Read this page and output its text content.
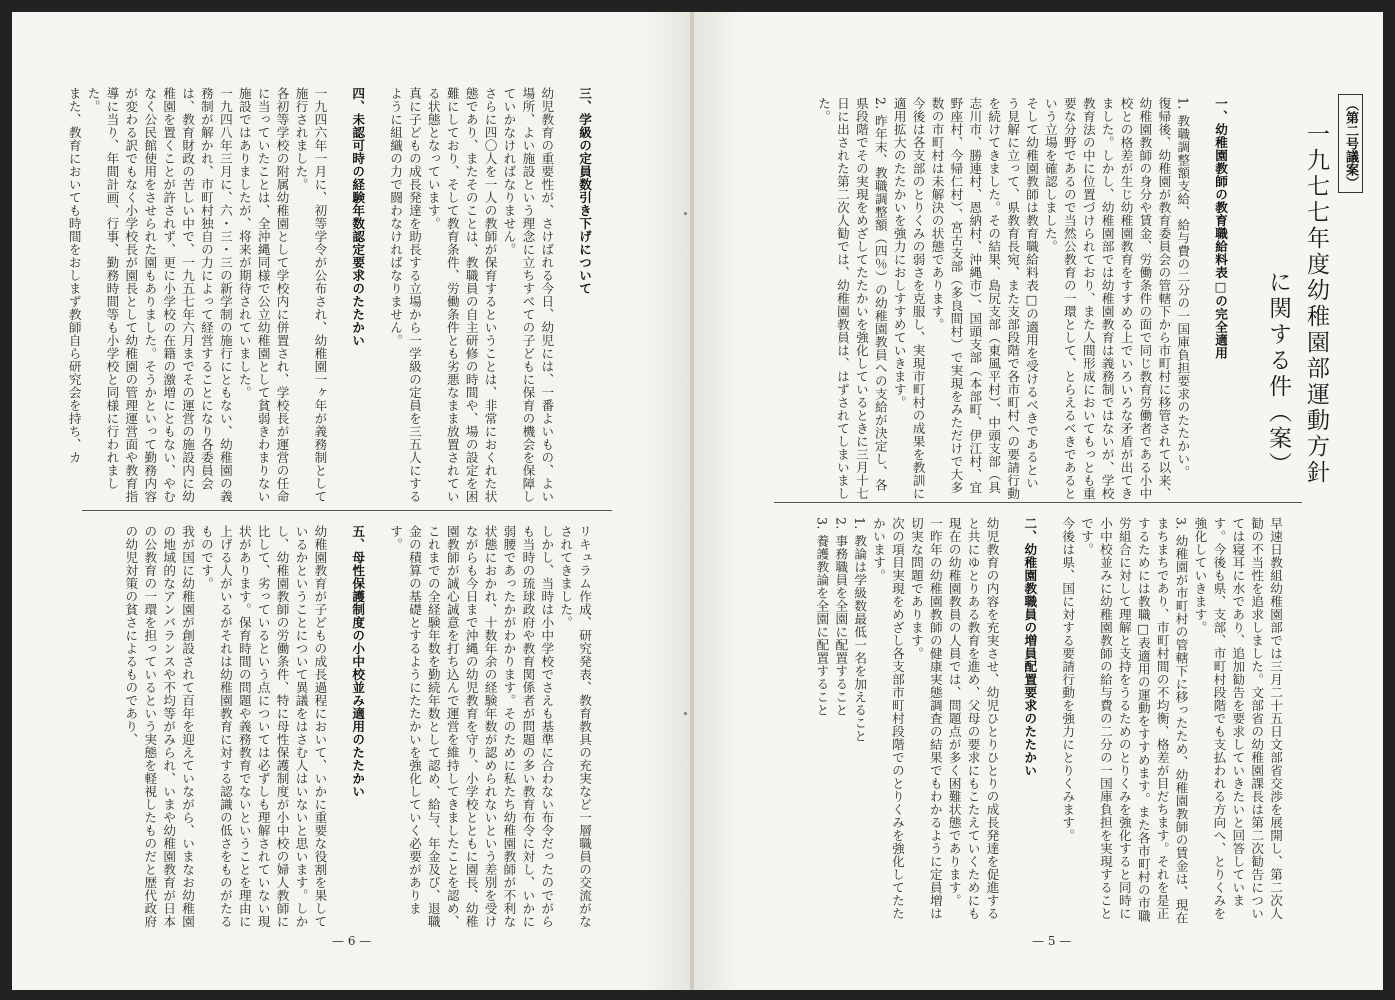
三、学級の定員数引き下げについて

幼児教育の重要性が、さけばれる今日、幼児には、一番よいもの、よい場所、よい施設という理念に立ちすべての子どもに保育の機会を保障していかなければなりません。
さらに四〇人を一人の教師が保育するということは、非常におくれた状態であり、またそのことは、教職員の自主研修の時間や、場の設定を困難にしており、そして教育条件、労働条件とも劣悪なまま放置されている状態となっています。
真に子どもの成長発達を助長する立場から一学級の定員を三五人にするように組織の力で闘わなければなりません。

四、未認可時の経験年数認定要求のたたかい

一九四六年一月に、初等学令が公布され、幼稚園一ヶ年が義務制として施行されました。
各初等学校の附属幼稚園として学校内に併置され、学校長が運営の任命に当っていたことは、全沖縄同様で公立幼稚園として貧弱きわまりない施設ではありましたが、将来が期待されていました。
一九四八年三月に、六・三・三の新学制の施行にともない、幼稚園の義務制が解かれ、市町村独自の力によって経営することになり各委員会は、教育財政の苦しい中で、一九五七年六月までその運営の施設内に幼稚園を置くことが許されず、更に小学校の在籍の激増にともない、やむなく公民館使用をさせられた園もありました。そうかといって勤務内容が変わる訳でもなく小学校長が園長として幼稚園の管理運営面や教育指導に当り、年間計画、行事、勤務時間等も小学校と同様に行われました。
また、教育においても時間をおしまず教師自ら研究会を持ち、カ

リキュラム作成、研究発表、教育教具の充実など一層職員の交流がなされてきました。
しかし、当時は小中学校でさえも基準に合わない布令だったのでがらも当時の琉球政府や教育関係者が問題の多い教育布令に対し、いかに弱腰であったかがわかります。そのために私たち幼稚園教師が不利な状態におかれ、十数年余の経験年数が認められないという差別を受けながらも今日まで沖縄の幼児教育を守り、小学校とともに園長、幼稚園教師が誠心誠意を打ち込んで運営を維持してきましたことを認め、これまでの全経験年数を勤続年数として認め、給与、年金及び、退職金の積算の基礎とするようにたたかいを強化していく必要があります。

五、母性保護制度の小中校並み適用のたたかい

幼稚園教育が子どもの成長過程において、いかに重要な役割を果しているかということについて異議をはさむ人はいないと思います。しかし、幼稚園教師の労働条件、特に母性保護制度が小中校の婦人教師に比して、劣っているという点については必ずしも理解されていない現状があります。保育時間の問題や義務教育でないということを理由に上げる人がいるがそれは幼稚園教育に対する認識の低さをものがたるものです。
我が国に幼稚園が創設されて百年を迎えていながら、いまなお幼稚園の地域的なアンバランスや不均等がみられ、いまや幼稚園教育が日本の公教育の一環を担っているという実態を軽視したものだと歴代政府の幼児対策の貧さによるものであり、

— 6 —
（第二号議案）
一九七七年度幼稚園部運動方針
に関する件（案）

一、幼稚園教師の教育職給料表□の完全適用

1. 教職調整額支給、給与費の二分の一国庫負担要求のたたかい。
復帰後、幼稚園が教育委員会の管轄下から市町村に移管されて以来、幼稚園教師の身分や賃金、労働条件の面で同じ教育労働者である小中校との格差が生じ幼稚園教育をすすめる上でいろいろな矛盾が出てきました。しかし、幼稚園部では幼稚園教育は義務制ではないが、学校教育法の中に位置づけられており、また人間形成においてもっとも重要な分野であるので当然公教育の一環として、とらえるべきであるという立場を確認しました。
そして幼稚園教師は教育職給料表□の適用を受けるべきであるという見解に立って、県教育長宛、また支部段階で各市町村への要請行動を続けてきました。その結果、島尻支部（東風平村）、中頭支部（具志川市、勝連村、恩納村、沖縄市）、国頭支部（本部町、伊江村、宜野座村、今帰仁村）、宮古支部（多良間村）で実現をみただけで大多数の市町村は未解決の状態であります。
今後は各支部のとりくみの弱さを克服し、実現市町村の成果を教訓に適用拡大のたたかいを強力におしすすめていきます。
2. 昨年末、教職調整額（四％）の幼稚園教員への支給が決定し、各県段階でその実現をめざしてたたかいを強化しているときに三月十七日に出された第二次人勧では、幼稚園教員は、はずされてしまいました。

早速日教組幼稚園部では三月二十五日文部省交渉を展開し、第二次人勧の不当性を追求しました。文部省の幼稚園課長は第二次勧告については寝耳に水であり、追加勧告を要求していきたいと回答しています。今後も県、支部、市町村段階でも支払われる方向へ、とりくみを強化していきます。
3. 幼稚園が市町村の管轄下に移ったため、幼稚園教師の賃金は、現在まちまちであり、市町村間の不均衡、格差が目だちます。それを是正するためには教職□表適用の運動をすすめます。また各市町村の市職労組合に対して理解と支持をうるためのとりくみを強化すると同時に小中校並みに幼稚園教師の給与費の二分の一国庫負担を実現することです。
今後は県、国に対する要請行動を強力にとりくみます。

二、幼稚園教職員の増員配置要求のたたかい

幼児教育の内容を充実させ、幼児ひとりひとりの成長発達を促進すると共にゆとりある教育を進め、父母の要求にもこたえていくためにも現在の幼稚園教員の人員では、問題点が多く困難状態であります。
一昨年の幼稚園教師の健康実態調査の結果でもわかるように定員増は切実な問題であります。
次の項目実現をめざし各支部市町村段階でのとりくみを強化してたたかいます。
1. 教論は学級数最低一名を加えること
2. 事務職員を全園に配置すること
3. 養護教論を全園に配置すること

— 5 —
